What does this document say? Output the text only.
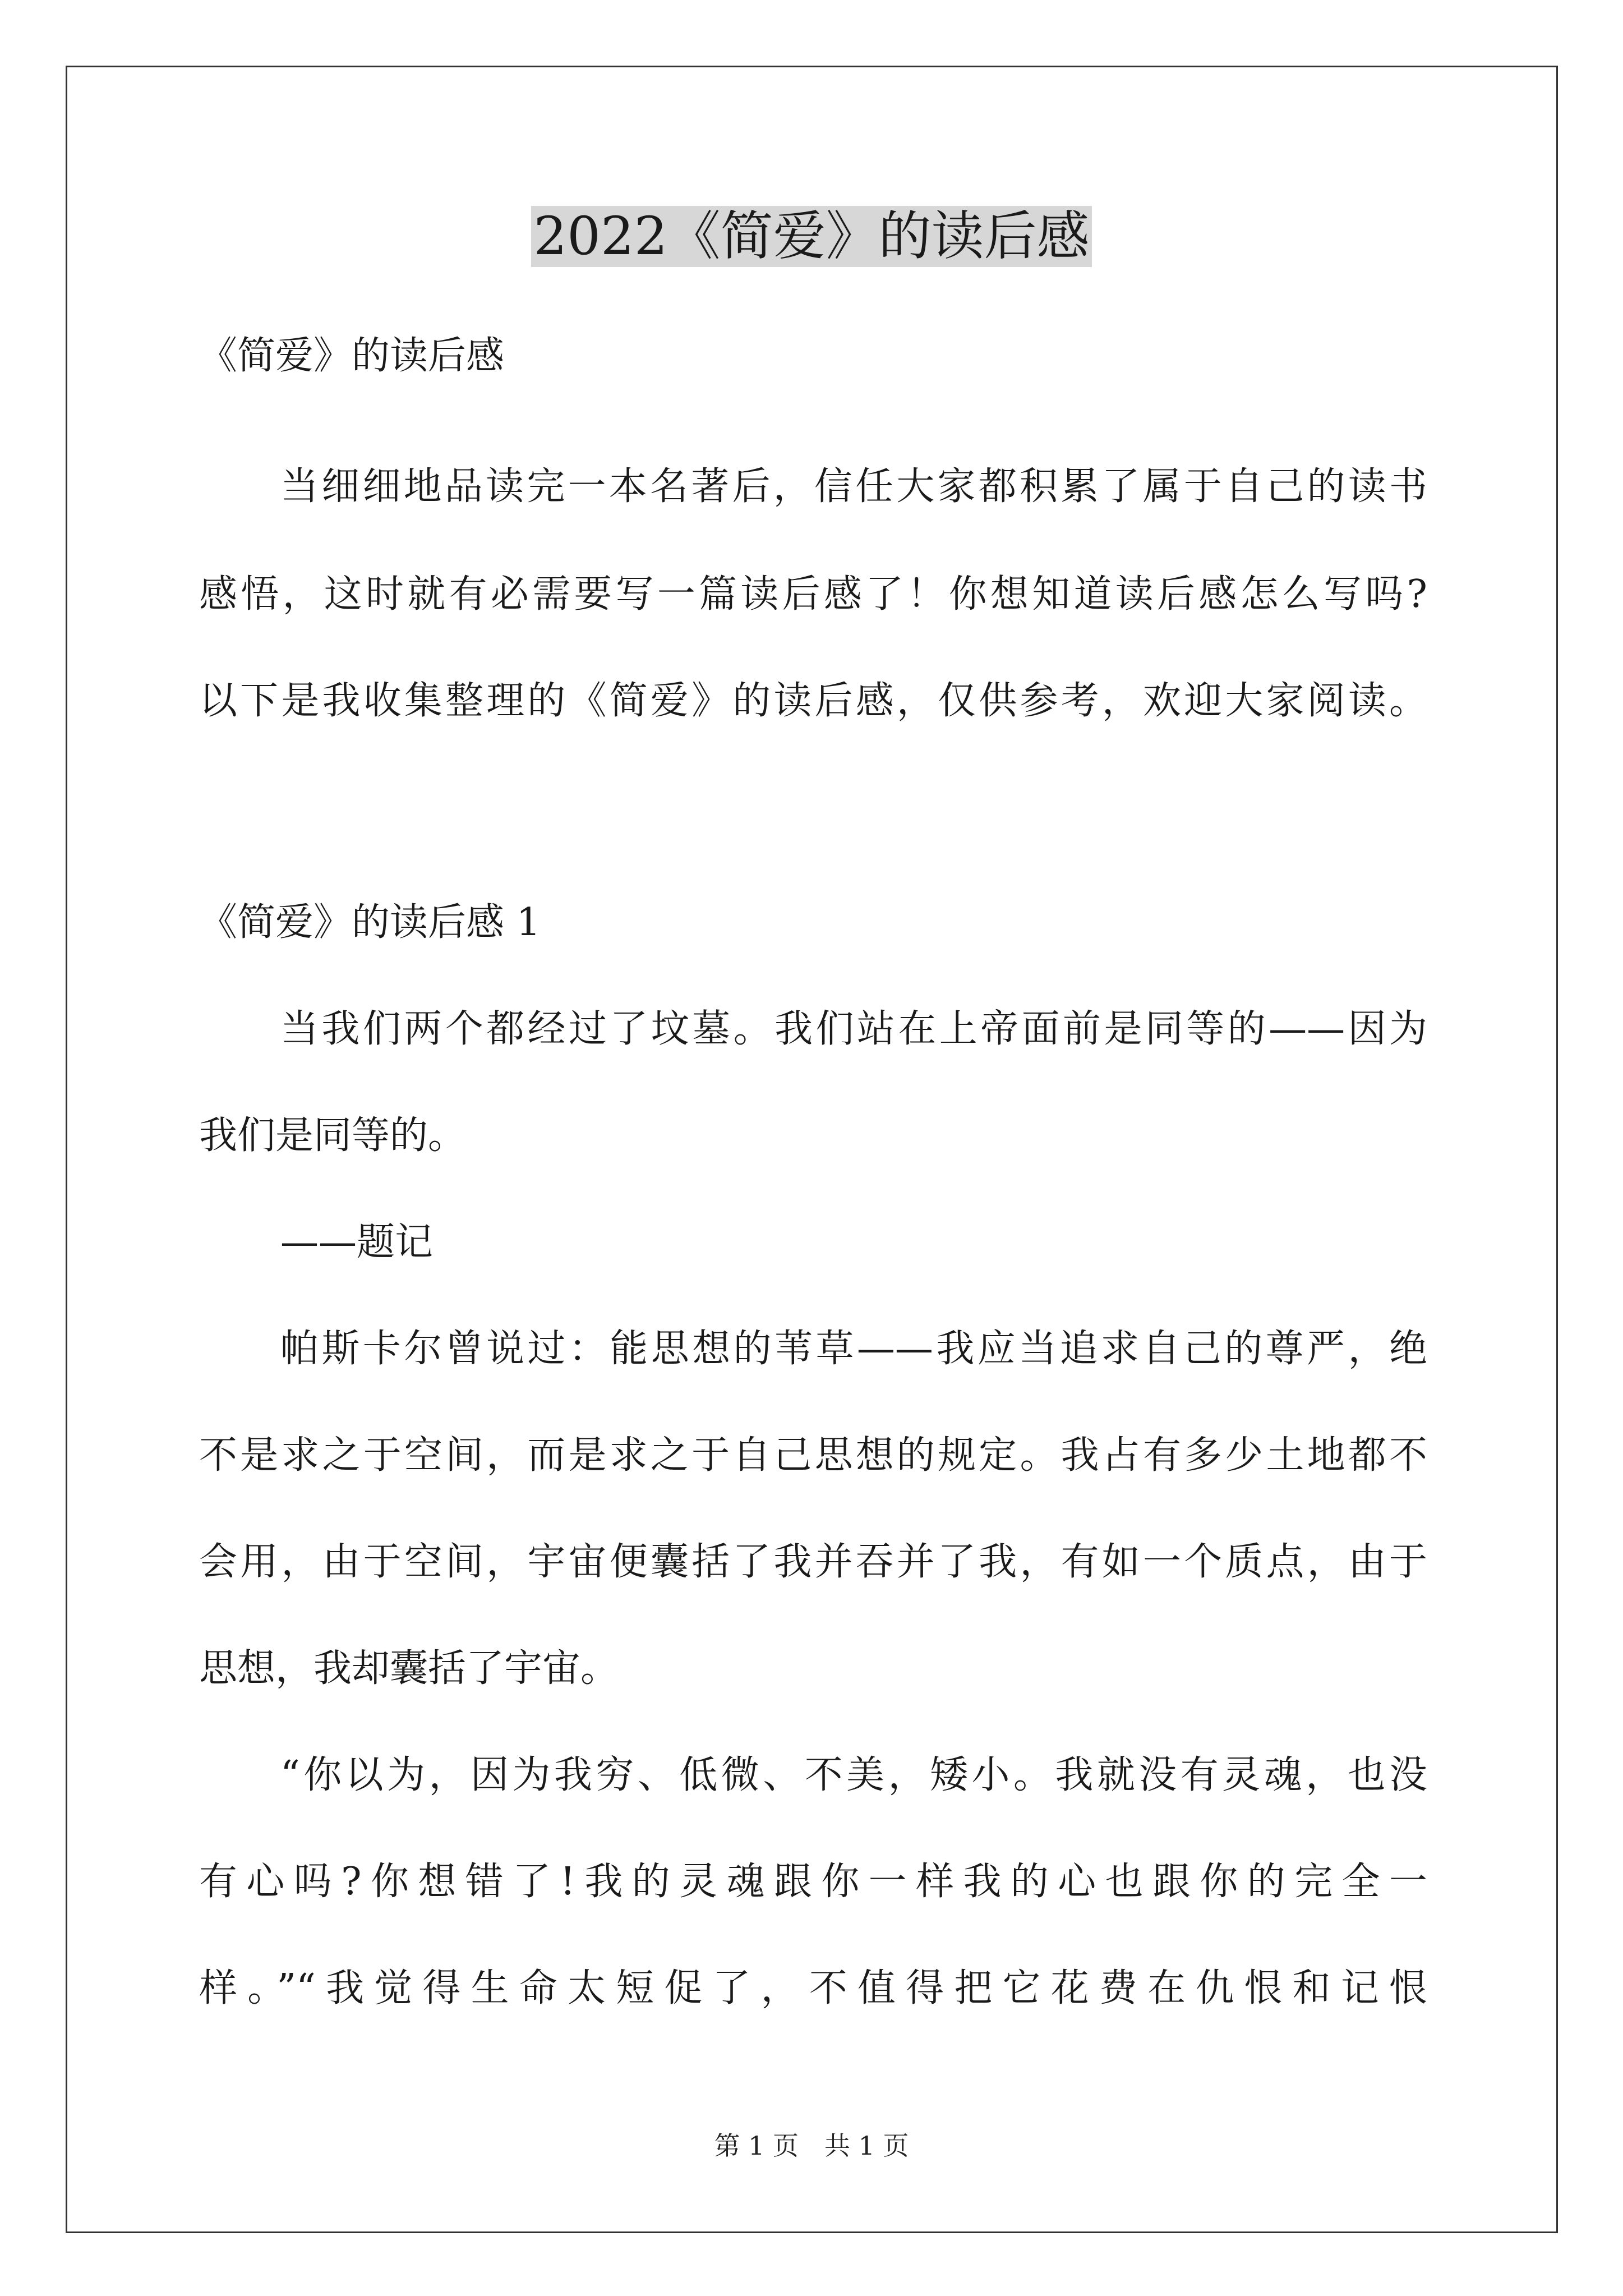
2022《简爱》的读后感

《简爱》的读后感

当细细地品读完一本名著后，信任大家都积累了属于自己的读书

感悟，这时就有必需要写一篇读后感了！你想知道读后感怎么写吗?

以下是我收集整理的《简爱》的读后感，仅供参考，欢迎大家阅读。

《简爱》的读后感 1

当我们两个都经过了坟墓。我们站在上帝面前是同等的——因为

我们是同等的。

——题记

帕斯卡尔曾说过：能思想的苇草——我应当追求自己的尊严，绝

不是求之于空间，而是求之于自己思想的规定。我占有多少土地都不

会用，由于空间，宇宙便囊括了我并吞并了我，有如一个质点，由于

思想，我却囊括了宇宙。

“你以为，因为我穷、低微、不美，矮小。我就没有灵魂，也没

有心吗?你想错了!我的灵魂跟你一样我的心也跟你的完全一

样。”“我觉得生命太短促了，不值得把它花费在仇恨和记恨

第 1 页　共 1 页
